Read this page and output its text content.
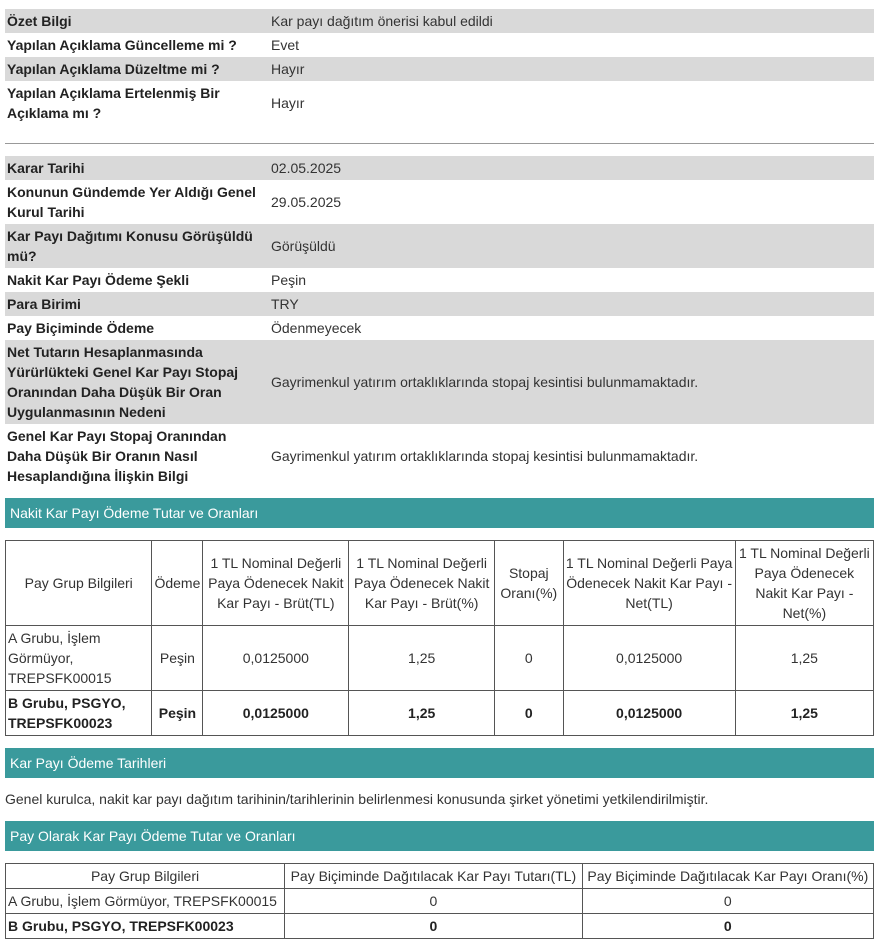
Özet Bilgi	Kar payı dağıtım önerisi kabul edildi
Yapılan Açıklama Güncelleme mi ?	Evet
Yapılan Açıklama Düzeltme mi ?	Hayır
Yapılan Açıklama Ertelenmiş Bir Açıklama mı ?	Hayır
Karar Tarihi	02.05.2025
Konunun Gündemde Yer Aldığı Genel Kurul Tarihi	29.05.2025
Kar Payı Dağıtımı Konusu Görüşüldü mü?	Görüşüldü
Nakit Kar Payı Ödeme Şekli	Peşin
Para Birimi	TRY
Pay Biçiminde Ödeme	Ödenmeyecek
Net Tutarın Hesaplanmasında Yürürlükteki Genel Kar Payı Stopaj Oranından Daha Düşük Bir Oran Uygulanmasının Nedeni	Gayrimenkul yatırım ortaklıklarında stopaj kesintisi bulunmamaktadır.
Genel Kar Payı Stopaj Oranından Daha Düşük Bir Oranın Nasıl Hesaplandığına İlişkin Bilgi	Gayrimenkul yatırım ortaklıklarında stopaj kesintisi bulunmamaktadır.
Nakit Kar Payı Ödeme Tutar ve Oranları
Pay Grup Bilgileri	Ödeme	1 TL Nominal Değerli Paya Ödenecek Nakit Kar Payı - Brüt(TL)	1 TL Nominal Değerli Paya Ödenecek Nakit Kar Payı - Brüt(%)	Stopaj Oranı(%)	1 TL Nominal Değerli Paya Ödenecek Nakit Kar Payı - Net(TL)	1 TL Nominal Değerli Paya Ödenecek Nakit Kar Payı - Net(%)
A Grubu, İşlem Görmüyor, TREPSFK00015	Peşin	0,0125000	1,25	0	0,0125000	1,25
B Grubu, PSGYO, TREPSFK00023	Peşin	0,0125000	1,25	0	0,0125000	1,25
Kar Payı Ödeme Tarihleri
Genel kurulca, nakit kar payı dağıtım tarihinin/tarihlerinin belirlenmesi konusunda şirket yönetimi yetkilendirilmiştir.
Pay Olarak Kar Payı Ödeme Tutar ve Oranları
Pay Grup Bilgileri	Pay Biçiminde Dağıtılacak Kar Payı Tutarı(TL)	Pay Biçiminde Dağıtılacak Kar Payı Oranı(%)
A Grubu, İşlem Görmüyor, TREPSFK00015	0	0
B Grubu, PSGYO, TREPSFK00023	0	0
